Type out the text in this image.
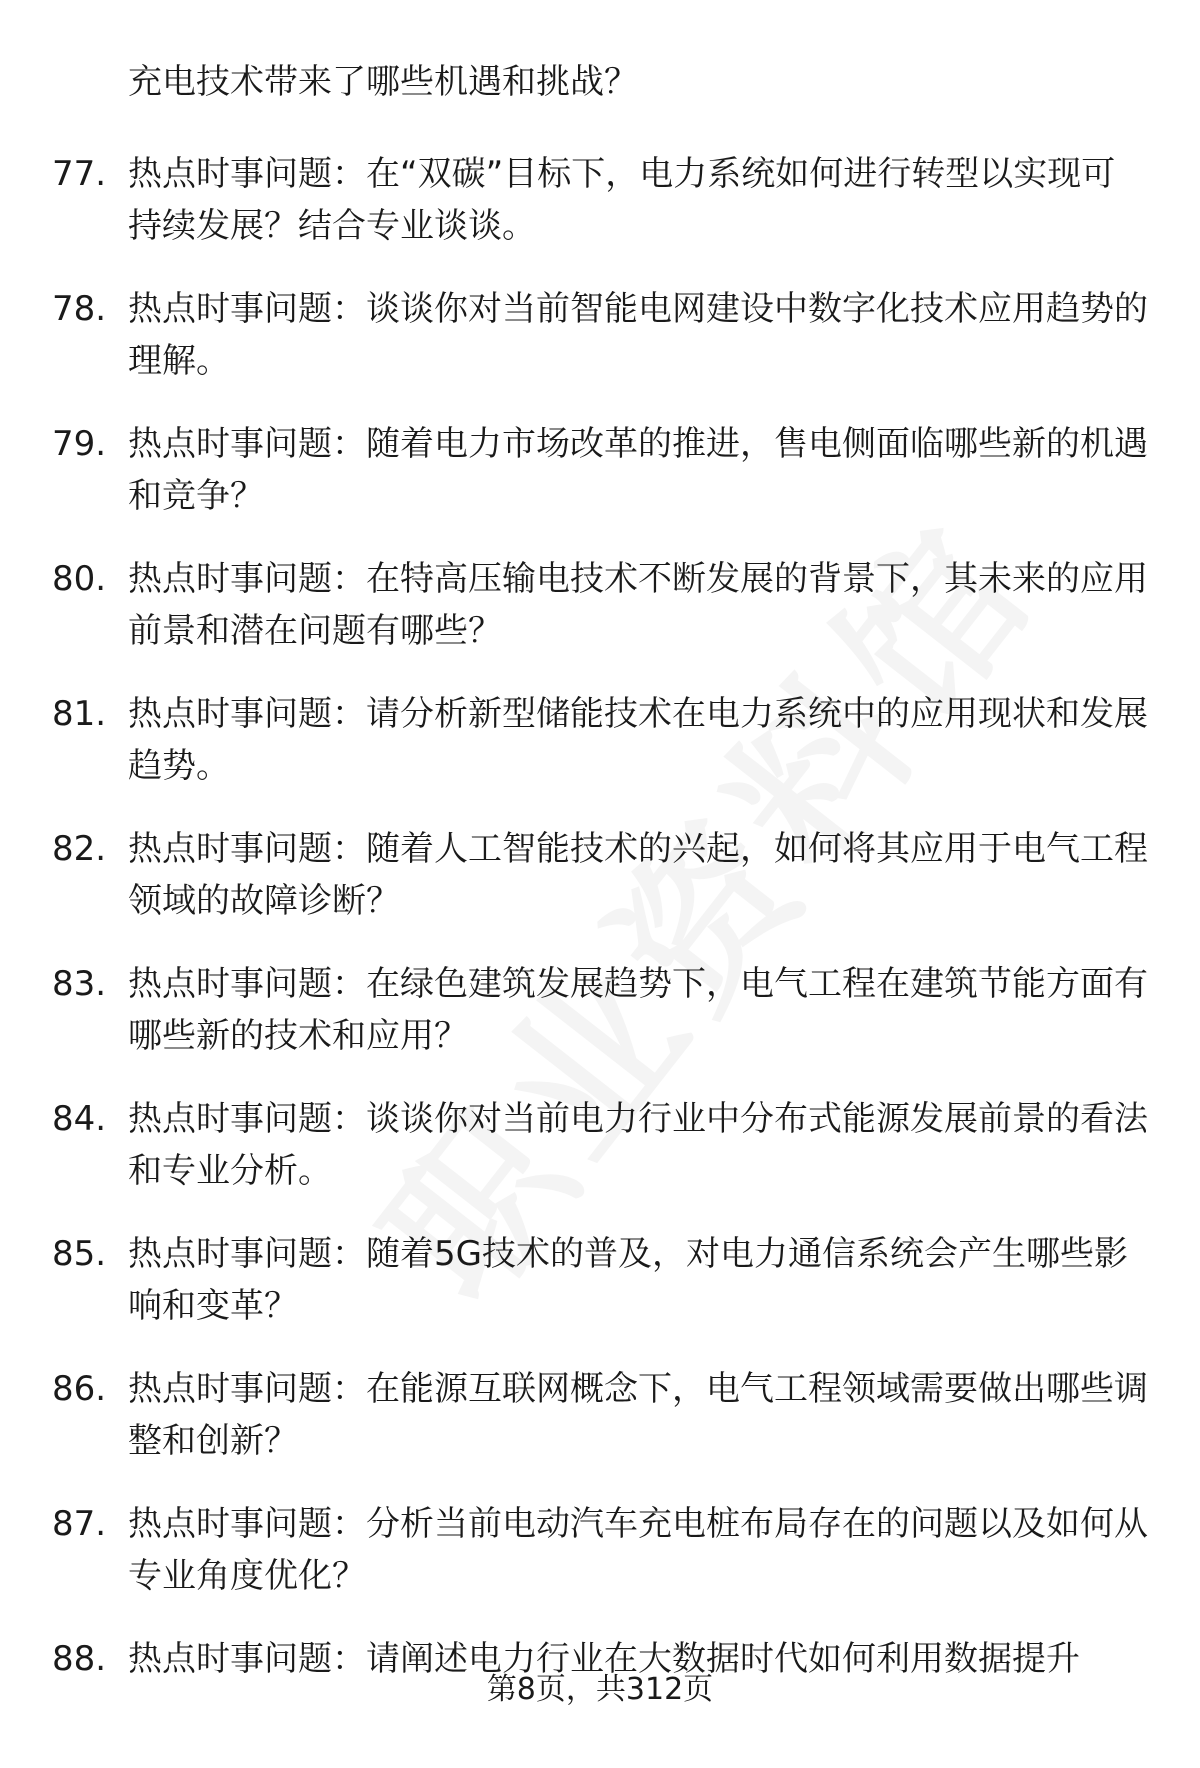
充电技术带来了哪些机遇和挑战？
77. 热点时事问题：在“双碳”目标下，电力系统如何进行转型以实现可持续发展？结合专业谈谈。
78. 热点时事问题：谈谈你对当前智能电网建设中数字化技术应用趋势的理解。
79. 热点时事问题：随着电力市场改革的推进，售电侧面临哪些新的机遇和竞争？
80. 热点时事问题：在特高压输电技术不断发展的背景下，其未来的应用前景和潜在问题有哪些？
81. 热点时事问题：请分析新型储能技术在电力系统中的应用现状和发展趋势。
82. 热点时事问题：随着人工智能技术的兴起，如何将其应用于电气工程领域的故障诊断？
83. 热点时事问题：在绿色建筑发展趋势下，电气工程在建筑节能方面有哪些新的技术和应用？
84. 热点时事问题：谈谈你对当前电力行业中分布式能源发展前景的看法和专业分析。
85. 热点时事问题：随着5G技术的普及，对电力通信系统会产生哪些影响和变革？
86. 热点时事问题：在能源互联网概念下，电气工程领域需要做出哪些调整和创新？
87. 热点时事问题：分析当前电动汽车充电桩布局存在的问题以及如何从专业角度优化？
88. 热点时事问题：请阐述电力行业在大数据时代如何利用数据提升
第8页，共312页
